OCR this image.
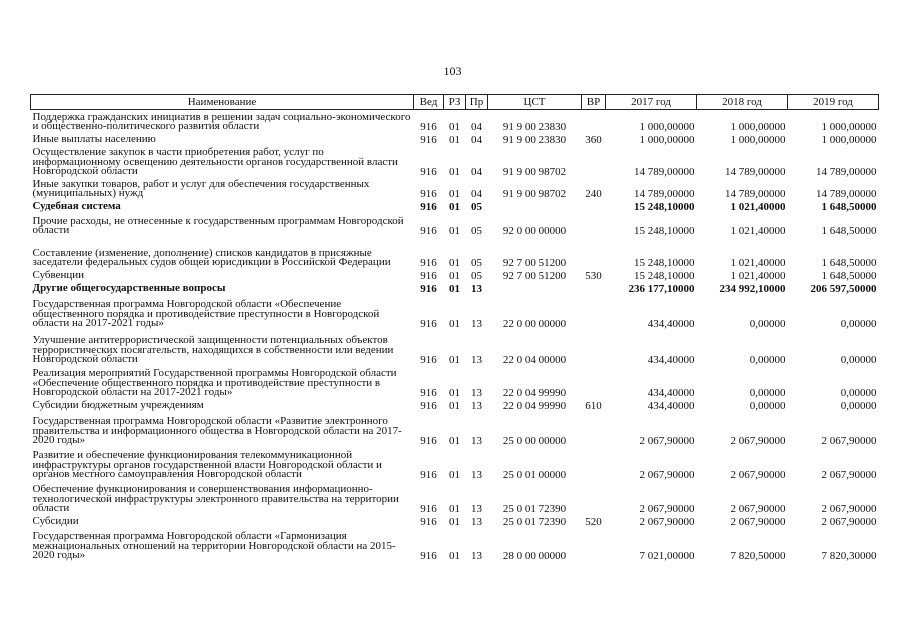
103
Наименование	Вед	РЗ	Пр	ЦСТ	ВР	2017 год	2018 год	2019 год
Поддержка гражданских инициатив в решении задач социально-экономического и общественно-политического развития области	916	01	04	91 9 00 23830		1 000,00000	1 000,00000	1 000,00000
Иные выплаты населению	916	01	04	91 9 00 23830	360	1 000,00000	1 000,00000	1 000,00000
Осуществление закупок в части приобретения работ, услуг по информационному освещению деятельности органов государственной власти Новгородской области	916	01	04	91 9 00 98702		14 789,00000	14 789,00000	14 789,00000
Иные закупки товаров, работ и услуг для обеспечения государственных (муниципальных) нужд	916	01	04	91 9 00 98702	240	14 789,00000	14 789,00000	14 789,00000
Судебная система	916	01	05			15 248,10000	1 021,40000	1 648,50000
Прочие расходы, не отнесенные к государственным программам Новгородской области	916	01	05	92 0 00 00000		15 248,10000	1 021,40000	1 648,50000
Составление (изменение, дополнение) списков кандидатов в присяжные заседатели федеральных судов общей юрисдикции в Российской Федерации	916	01	05	92 7 00 51200		15 248,10000	1 021,40000	1 648,50000
Субвенции	916	01	05	92 7 00 51200	530	15 248,10000	1 021,40000	1 648,50000
Другие общегосударственные вопросы	916	01	13			236 177,10000	234 992,10000	206 597,50000
Государственная программа Новгородской области «Обеспечение общественного порядка и противодействие преступности в Новгородской области на 2017-2021 годы»	916	01	13	22 0 00 00000		434,40000	0,00000	0,00000
Улучшение антитеррористической защищенности потенциальных объектов террористических посягательств, находящихся в собственности или ведении Новгородской области	916	01	13	22 0 04 00000		434,40000	0,00000	0,00000
Реализация мероприятий Государственной программы Новгородской области «Обеспечение общественного порядка и противодействие преступности в Новгородской области на 2017-2021 годы»	916	01	13	22 0 04 99990		434,40000	0,00000	0,00000
Субсидии бюджетным учреждениям	916	01	13	22 0 04 99990	610	434,40000	0,00000	0,00000
Государственная программа Новгородской области «Развитие электронного правительства и информационного общества в Новгородской области на 2017-2020 годы»	916	01	13	25 0 00 00000		2 067,90000	2 067,90000	2 067,90000
Развитие и обеспечение функционирования телекоммуникационной инфраструктуры органов государственной власти Новгородской области и органов местного самоуправления Новгородской области	916	01	13	25 0 01 00000		2 067,90000	2 067,90000	2 067,90000
Обеспечение функционирования и совершенствования информационно-технологической инфраструктуры электронного правительства на территории области	916	01	13	25 0 01 72390		2 067,90000	2 067,90000	2 067,90000
Субсидии	916	01	13	25 0 01 72390	520	2 067,90000	2 067,90000	2 067,90000
Государственная программа Новгородской области «Гармонизация межнациональных отношений на территории Новгородской области на 2015-2020 годы»	916	01	13	28 0 00 00000		7 021,00000	7 820,50000	7 820,30000
